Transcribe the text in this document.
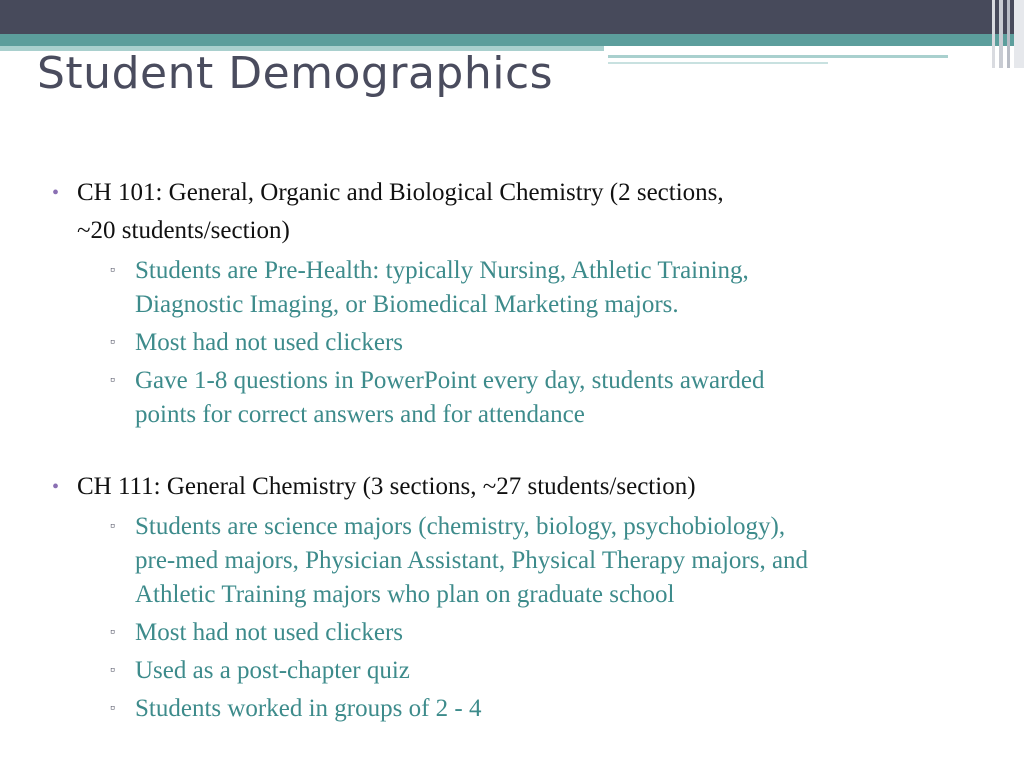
Student Demographics
• CH 101: General, Organic and Biological Chemistry (2 sections,
~20 students/section)
▫ Students are Pre-Health: typically Nursing, Athletic Training,
Diagnostic Imaging, or Biomedical Marketing majors.
▫ Most had not used clickers
▫ Gave 1-8 questions in PowerPoint every day, students awarded
points for correct answers and for attendance
• CH 111: General Chemistry (3 sections, ~27 students/section)
▫ Students are science majors (chemistry, biology, psychobiology),
pre-med majors, Physician Assistant, Physical Therapy majors, and
Athletic Training majors who plan on graduate school
▫ Most had not used clickers
▫ Used as a post-chapter quiz
▫ Students worked in groups of 2 - 4
